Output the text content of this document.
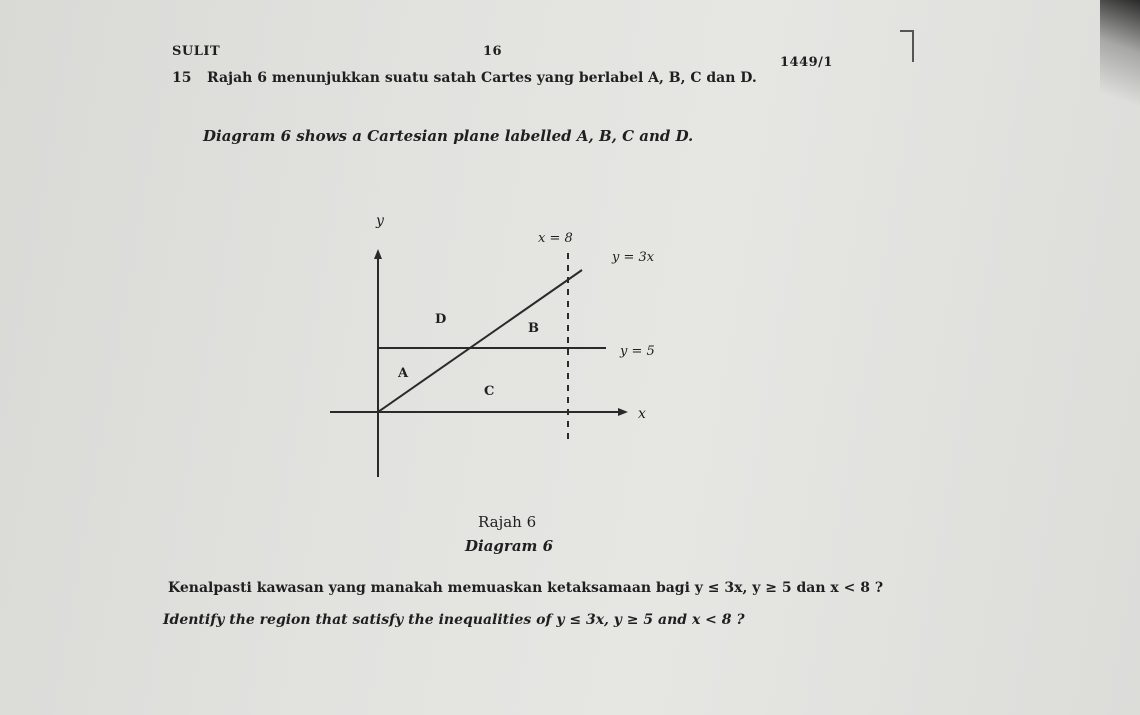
SULIT	16
1449/1
15 Rajah 6 menunjukkan suatu satah Cartes yang berlabel A, B, C dan D.
Diagram 6 shows a Cartesian plane labelled A, B, C and D.
y
x
x = 8
y = 3x
y = 5
D
B
A
C
Rajah 6
Diagram 6
Kenalpasti kawasan yang manakah memuaskan ketaksamaan bagi y ≤ 3x, y ≥ 5 dan x < 8 ?
Identify the region that satisfy the inequalities of y ≤ 3x, y ≥ 5 and x < 8 ?
